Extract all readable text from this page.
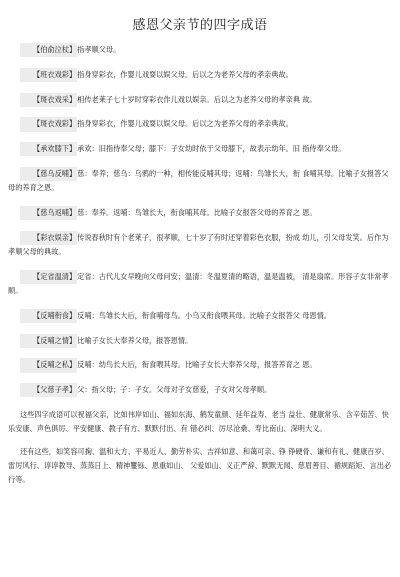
感恩父亲节的四字成语
【伯俞泣杖】指孝顺父母。
【班衣戏彩】指身穿彩衣，作婴儿戏耍以娱父母。后以之为老养父母的孝亲典故。
【斑衣戏采】相传老莱子七十岁时穿彩衣作儿戏以娱亲。后以之为老养父母的孝亲典 故。
【斑衣戏彩】指身穿彩衣，作婴儿戏耍以娱父母。后以之为老养父母的孝亲典故。
【承欢膝下】承欢：旧指侍奉父母；膝下：子女幼时依于父母膝下，故表示幼年。旧 指侍奉父母。
【慈乌反哺】慈：奉养；慈乌：乌鸦的一种，相传能反哺其母；返哺：鸟雏长大，衔 食哺其母。比喻子女报答父母的养育之恩。
【慈乌返哺】慈：奉养。返哺：鸟雏长大，衔食哺其母。比喻子女报答父母的养育之 恩。
【彩衣娱亲】传说春秋时有个老莱子，很孝顺，七十岁了有时还穿着彩色衣服，扮成 幼儿，引父母发笑。后作为孝顺父母的典故。
【定省温清】定省：古代儿女早晚向父母问安；温清：冬温夏清的略语，温是温被， 清是扇席。形容子女非常孝顺。
【反哺衔食】反哺：鸟雏长大后，衔食哺母鸟。小乌又衔食喂其母。比喻子女报答父 母恩情。
【反哺之情】比喻子女长大奉养父母，报答恩情。
【反哺之私】反哺：幼鸟长大后，衔食喂其母。比喻子女长大奉养父母，报答养育之 恩。
【父慈子孝】父：指父母；子：子女。父母对子女慈爱，子女对父母孝顺。
这些四字成语可以祝福父亲，比如伟岸如山、福如东海、鹤发童颜、延年益寿、老当 益壮、健康常乐、含辛茹苦、快乐安康、声色俱厉、平安健康、教子有方、默默付出、有 错必纠、厉尽沧桑、寿比南山、深明大义。
还有这些，如笑容可掬、温和大方、平易近人、勤劳朴实、吉祥如意、和蔼可亲、铮 铮硬骨、谦和有礼、健康百岁、雷厉风行、谆谆教导、蒸蒸日上、精神矍铄、恩重如山、 父爱如山、义正严辞、默默无闻、慈眉善目、循规蹈矩、言出必行等。
